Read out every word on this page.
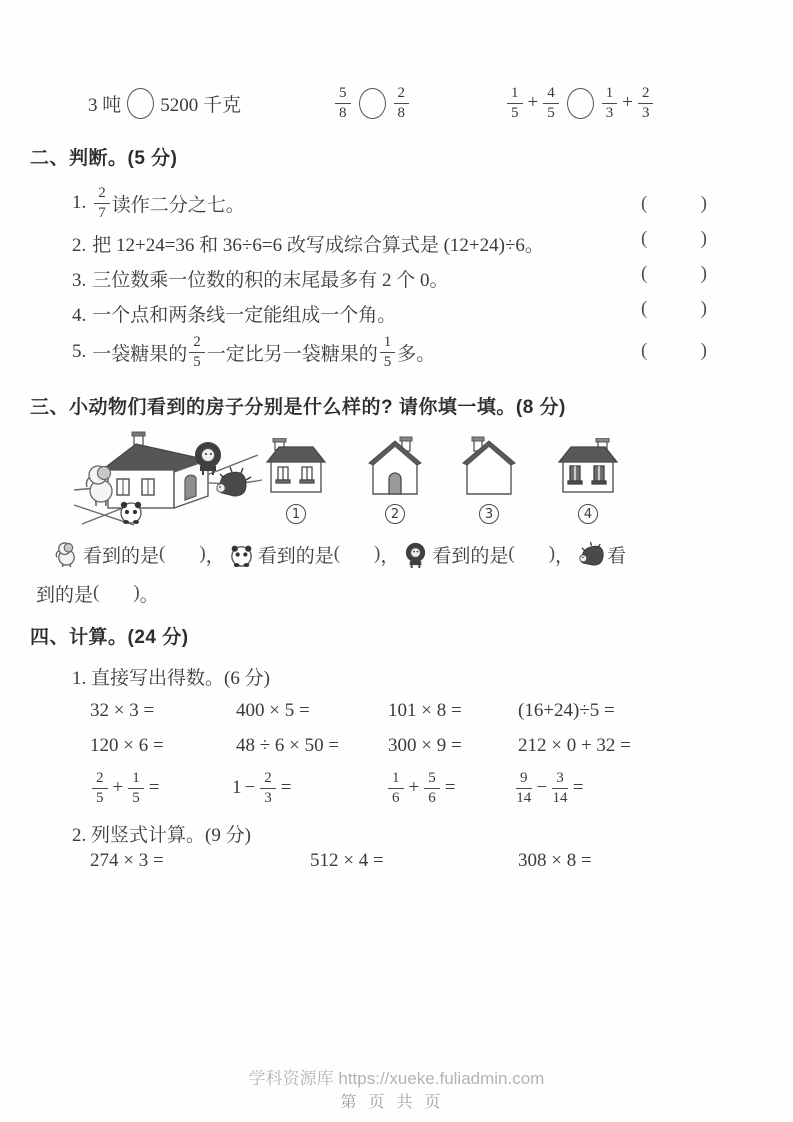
3 吨 5200 千克	$\frac{5}{8}$	$\frac{2}{8}$	$\frac{1}{5} + \frac{4}{5}$	$\frac{1}{3} + \frac{2}{3}$
二、判断。(5 分)
1. $\frac{2}{7}$ 读作二分之七。	(	)
2. 把 12+24=36 和 36÷6=6 改写成综合算式是 (12+24)÷6。	(	)
3. 三位数乘一位数的积的末尾最多有 2 个 0。	(	)
4. 一个点和两条线一定能组成一个角。	(	)
5. 一袋糖果的 $\frac{2}{5}$ 一定比另一袋糖果的 $\frac{1}{5}$ 多。	(	)
三、小动物们看到的房子分别是什么样的? 请你填一填。(8 分)
1	2	3	4
看到的是 ( ) ， 看到的是 ( ) ， 看到的是 ( ) ， 看
到的是 ( ) 。
四、计算。(24 分)
1. 直接写出得数。(6 分)
32 × 3 =	400 × 5 =	101 × 8 =	(16+24)÷5 =
120 × 6 =	48 ÷ 6 × 50 =	300 × 9 =	212 × 0 + 32 =
$\frac{2}{5} + \frac{1}{5}$ =	$1 - \frac{2}{3}$ =	$\frac{1}{6} + \frac{5}{6}$ =	$\frac{9}{14} - \frac{3}{14}$ =
2. 列竖式计算。(9 分)
274 × 3 =	512 × 4 =	308 × 8 =
学科资源库 https://xueke.fuliadmin.com
第页共页
